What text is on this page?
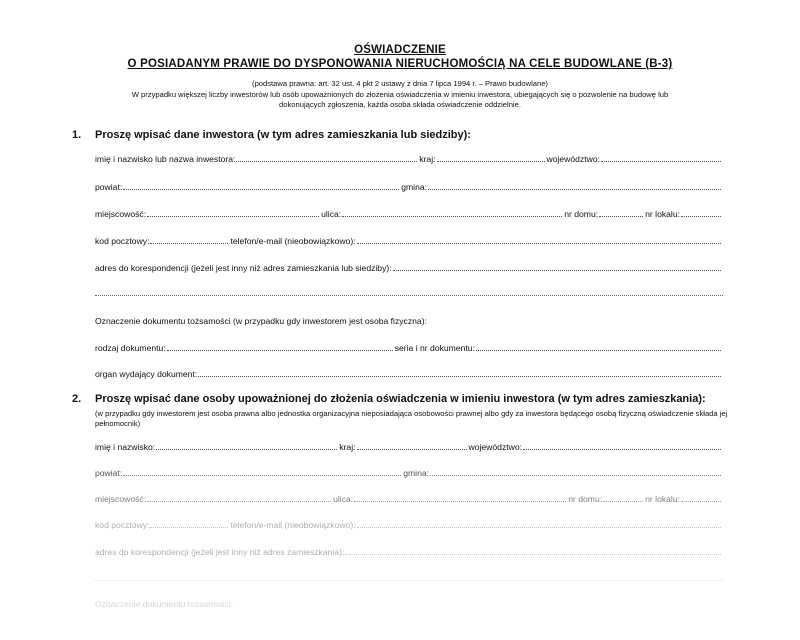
OŚWIADCZENIE
O POSIADANYM PRAWIE DO DYSPONOWANIA NIERUCHOMOŚCIĄ NA CELE BUDOWLANE (B-3)
(podstawa prawna: art. 32 ust. 4 pkt 2 ustawy z dnia 7 lipca 1994 r. – Prawo budowlane)
W przypadku większej liczby inwestorów lub osób upoważnionych do złożenia oświadczenia w imieniu inwestora, ubiegających się o pozwolenie na budowę lub dokonujących zgłoszenia, każda osoba składa oświadczenie oddzielnie.
1. Proszę wpisać dane inwestora (w tym adres zamieszkania lub siedziby):
imię i nazwisko lub nazwa inwestora:	kraj:	województwo:
powiat:	gmina:
miejscowość:	ulica:	nr domu:	nr lokalu:
kod pocztowy:	telefon/e-mail (nieobowiązkowo):
adres do korespondencji (jeżeli jest inny niż adres zamieszkania lub siedziby):
Oznaczenie dokumentu tożsamości (w przypadku gdy inwestorem jest osoba fizyczna):
rodzaj dokumentu:	seria i nr dokumentu:
organ wydający dokument:
2. Proszę wpisać dane osoby upoważnionej do złożenia oświadczenia w imieniu inwestora (w tym adres zamieszkania):
(w przypadku gdy inwestorem jest osoba prawna albo jednostka organizacyjna nieposiadająca osobowości prawnej albo gdy za inwestora będącego osobą fizyczną oświadczenie składa jej pełnomocnik)
imię i nazwisko:	kraj:	województwo:
powiat:	gmina:
miejscowość:	ulica:	nr domu:	nr lokalu:
kod pocztowy:	telefon/e-mail (nieobowiązkowo):
adres do korespondencji (jeżeli jest inny niż adres zamieszkania):
Oznaczenie dokumentu tożsamości:
